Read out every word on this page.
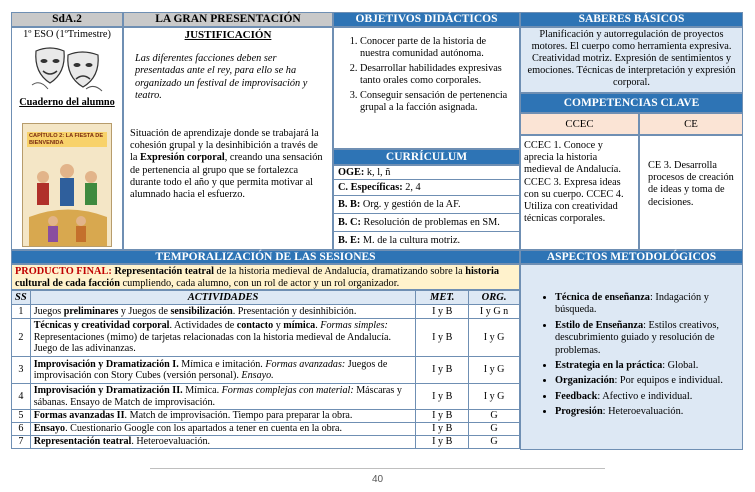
SdA.2	LA GRAN PRESENTACIÓN	OBJETIVOS DIDÁCTICOS	SABERES BÁSICOS
1º ESO (1ºTrimestre)
Cuaderno del alumno
CAPÍTULO 2: LA FIESTA DE BIENVENIDA
JUSTIFICACIÓN
Las diferentes facciones deben ser presentadas ante el rey, para ello se ha organizado un festival de improvisación y teatro.
Situación de aprendizaje donde se trabajará la cohesión grupal y la desinhibición a través de la Expresión corporal, creando una sensación de pertenencia al grupo que se fortalezca durante todo el año y que permita motivar al alumnado hacia el esfuerzo.
1. Conocer parte de la historia de nuestra comunidad autónoma.
2. Desarrollar habilidades expresivas tanto orales como corporales.
3. Conseguir sensación de pertenencia grupal a la facción asignada.
CURRÍCULUM
OGE: k, l, ñ
C. Específicas: 2, 4
B. B: Org. y gestión de la AF.
B. C: Resolución de problemas en SM.
B. E: M. de la cultura motriz.
Planificación y autorregulación de proyectos motores. El cuerpo como herramienta expresiva. Creatividad motriz. Expresión de sentimientos y emociones. Técnicas de interpretación y expresión corporal.
COMPETENCIAS CLAVE
CCEC	CE
CCEC 1. Conoce y aprecia la historia medieval de Andalucía. CCEC 3. Expresa ideas con su cuerpo. CCEC 4. Utiliza con creatividad técnicas corporales.
CE 3. Desarrolla procesos de creación de ideas y toma de decisiones.
TEMPORALIZACIÓN DE LAS SESIONES
PRODUCTO FINAL: Representación teatral de la historia medieval de Andalucía, dramatizando sobre la historia cultural de cada facción cumpliendo, cada alumno, con un rol de actor y un rol organizador.
SS	ACTIVIDADES	MET.	ORG.
1	Juegos preliminares y Juegos de sensibilización. Presentación y desinhibición.	I y B	I y G n
2	Técnicas y creatividad corporal. Actividades de contacto y mímica. Formas simples: Representaciones (mimo) de tarjetas relacionadas con la historia medieval de Andalucía. Juego de las adivinanzas.	I y B	I y G
3	Improvisación y Dramatización I. Mímica e imitación. Formas avanzadas: Juegos de improvisación con Story Cubes (versión personal). Ensayo.	I y B	I y G
4	Improvisación y Dramatización II. Mímica. Formas complejas con material: Máscaras y sábanas. Ensayo de Match de improvisación.	I y B	I y G
5	Formas avanzadas II. Match de improvisación. Tiempo para preparar la obra.	I y B	G
6	Ensayo. Cuestionario Google con los apartados a tener en cuenta en la obra.	I y B	G
7	Representación teatral. Heteroevaluación.	I y B	G
ASPECTOS METODOLÓGICOS
• Técnica de enseñanza: Indagación y búsqueda.
• Estilo de Enseñanza: Estilos creativos, descubrimiento guiado y resolución de problemas.
• Estrategia en la práctica: Global.
• Organización: Por equipos e individual.
• Feedback: Afectivo e individual.
• Progresión: Heteroevaluación.
40
